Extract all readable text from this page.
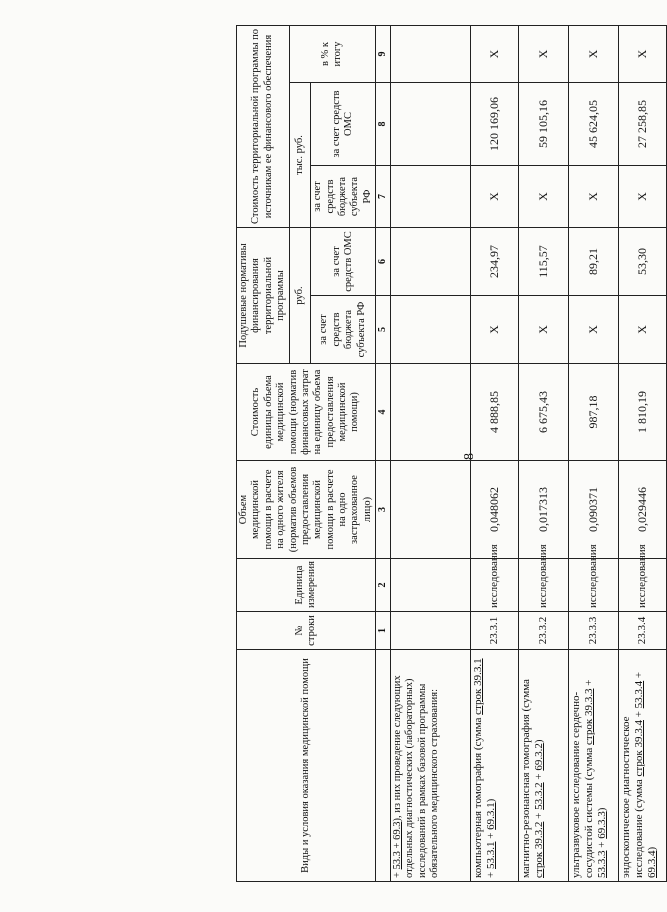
8
Виды и условия оказания медицинской помощи	№ строки	Единица измерения	Объем медицинской помощи в расчете на одного жителя (норматив объемов предоставления медицинской помощи в расчете на одно застрахованное лицо)	Стоимость единицы объема медицинской помощи (норматив финансовых затрат на единицу объема предоставления медицинской помощи)	Подушевые нормативы финансирования территориальной программы		Стоимость территориальной программы по источникам ее финансового обеспечения		
					руб.		тыс. руб.		в % к итогу
					за счет средств бюджета субъекта РФ	за счет средств ОМС	за счет средств бюджета субъекта РФ	за счет средств ОМС	
	1	2	3	4	5	6	7	8	9
+ 53.3 + 69.3), из них проведение следующих отдельных диагностических (лабораторных) исследований в рамках базовой программы обязательного медицинского страхования:									
компьютерная томография (сумма строк 39.3.1 + 53.3.1 + 69.3.1)	23.3.1	исследования	0,048062	4 888,85	X	234,97	X	120 169,06	X
магнитно-резонансная томография (сумма строк 39.3.2 + 53.3.2 + 69.3.2)	23.3.2	исследования	0,017313	6 675,43	X	115,57	X	59 105,16	X
ультразвуковое исследование сердечно-сосудистой системы (сумма строк 39.3.3 + 53.3.3 + 69.3.3)	23.3.3	исследования	0,090371	987,18	X	89,21	X	45 624,05	X
эндоскопическое диагностическое исследование (сумма строк 39.3.4 + 53.3.4 + 69.3.4)	23.3.4	исследования	0,029446	1 810,19	X	53,30	X	27 258,85	X
